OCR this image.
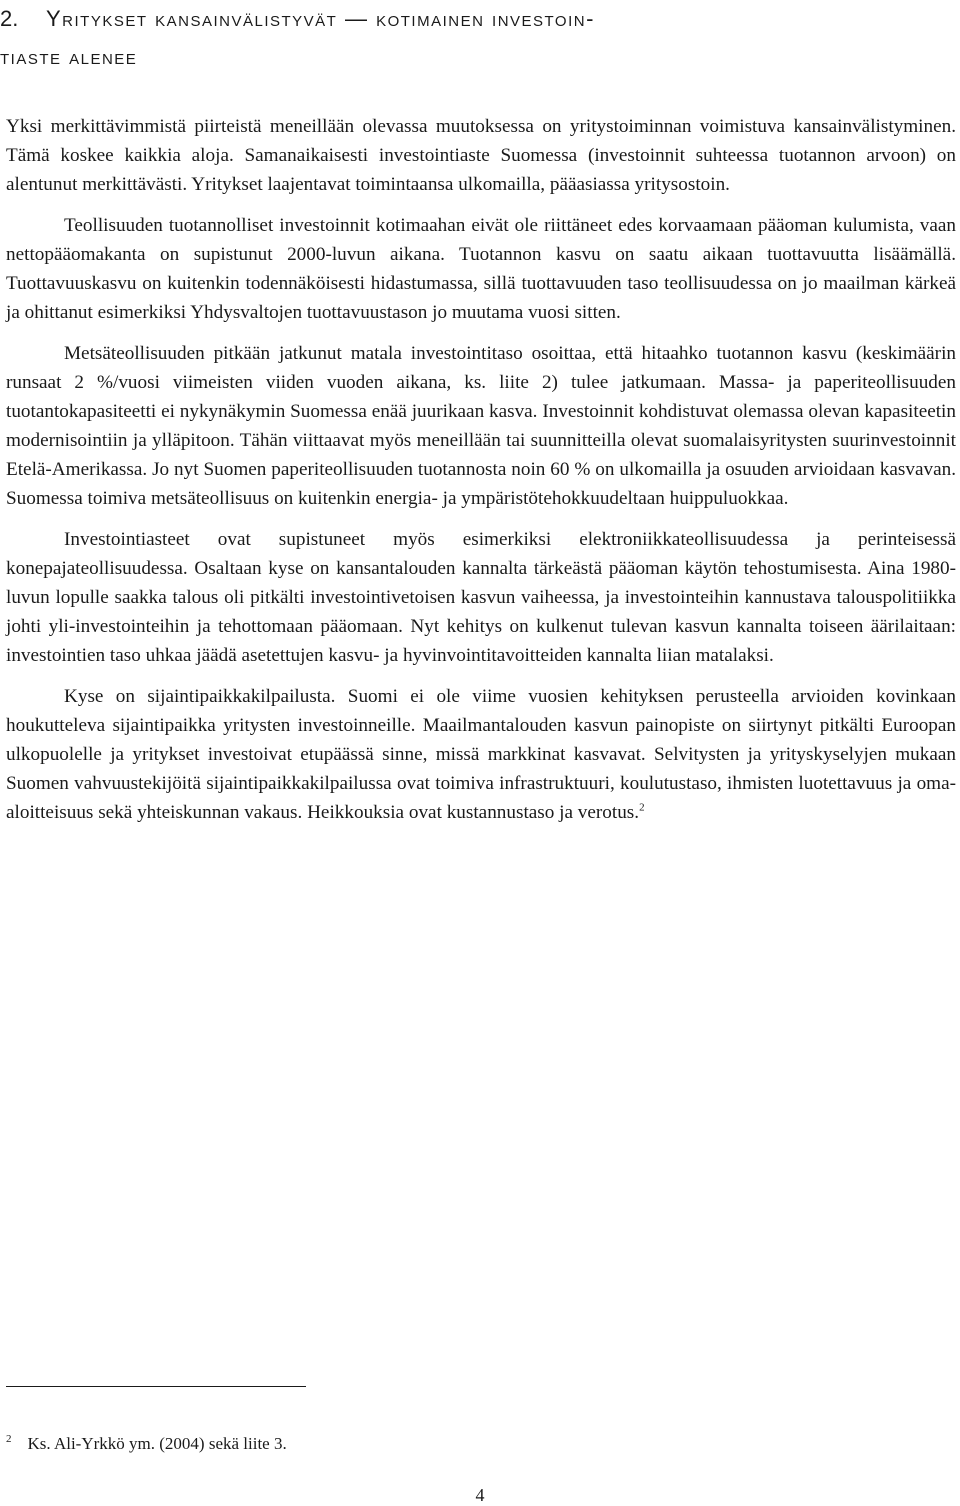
2. Yritykset kansainvälistyvät — kotimainen investoin-
tiaste alenee

Yksi merkittävimmistä piirteistä meneillään olevassa muutoksessa on yritystoiminnan voimistuva kansainvälistyminen. Tämä koskee kaikkia aloja. Samanaikaisesti investointiaste Suomessa (investoinnit suhteessa tuotannon arvoon) on alentunut merkittävästi. Yritykset laajentavat toimintaansa ulkomailla, pääasiassa yritysostoin.

Teollisuuden tuotannolliset investoinnit kotimaahan eivät ole riittäneet edes korvaamaan pääoman kulumista, vaan nettopääomakanta on supistunut 2000-luvun aikana. Tuotannon kasvu on saatu aikaan tuottavuutta lisäämällä. Tuottavuuskasvu on kuitenkin todennäköisesti hidastumassa, sillä tuottavuuden taso teollisuudessa on jo maailman kärkeä ja ohittanut esimerkiksi Yhdysvaltojen tuottavuustason jo muutama vuosi sitten.

Metsäteollisuuden pitkään jatkunut matala investointitaso osoittaa, että hitaahko tuotannon kasvu (keskimäärin runsaat 2 %/vuosi viimeisten viiden vuoden aikana, ks. liite 2) tulee jatkumaan. Massa- ja paperiteollisuuden tuotantokapasiteetti ei nykynäkymin Suomessa enää juurikaan kasva. Investoinnit kohdistuvat olemassa olevan kapasiteetin modernisointiin ja ylläpitoon. Tähän viittaavat myös meneillään tai suunnitteilla olevat suomalaisyritysten suurinvestoinnit Etelä-Amerikassa. Jo nyt Suomen paperiteollisuuden tuotannosta noin 60 % on ulkomailla ja osuuden arvioidaan kasvavan. Suomessa toimiva metsäteollisuus on kuitenkin energia- ja ympäristötehokkuudeltaan huippuluokkaa.

Investointiasteet ovat supistuneet myös esimerkiksi elektroniikkateollisuudessa ja perinteisessä konepajateollisuudessa. Osaltaan kyse on kansantalouden kannalta tärkeästä pääoman käytön tehostumisesta. Aina 1980-luvun lopulle saakka talous oli pitkälti investointivetoisen kasvun vaiheessa, ja investointeihin kannustava talouspolitiikka johti yli-investointeihin ja tehottomaan pääomaan. Nyt kehitys on kulkenut tulevan kasvun kannalta toiseen äärilaitaan: investointien taso uhkaa jäädä asetettujen kasvu- ja hyvinvointitavoitteiden kannalta liian matalaksi.

Kyse on sijaintipaikkakilpailusta. Suomi ei ole viime vuosien kehityksen perusteella arvioiden kovinkaan houkutteleva sijaintipaikka yritysten investoinneille. Maailmantalouden kasvun painopiste on siirtynyt pitkälti Euroopan ulkopuolelle ja yritykset investoivat etupäässä sinne, missä markkinat kasvavat. Selvitysten ja yrityskyselyjen mukaan Suomen vahvuustekijöitä sijaintipaikkakilpailussa ovat toimiva infrastruktuuri, koulutustaso, ihmisten luotettavuus ja oma-aloitteisuus sekä yhteiskunnan vakaus. Heikkouksia ovat kustannustaso ja verotus.$^2$

$^2$ Ks. Ali-Yrkkö ym. (2004) sekä liite 3.
4
